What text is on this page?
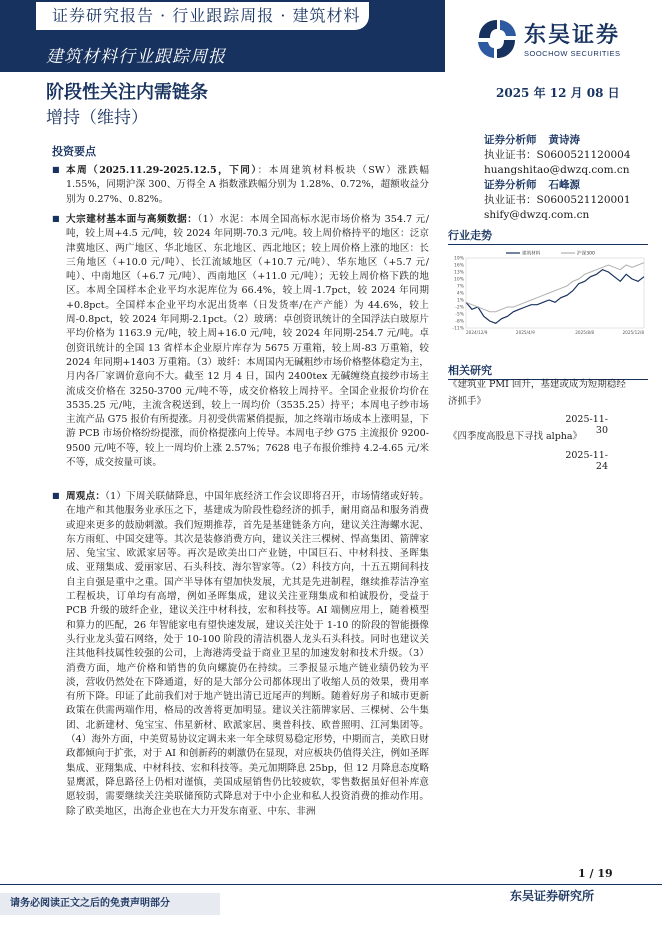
证券研究报告 · 行业跟踪周报 · 建筑材料
建筑材料行业跟踪周报
东吴证券
SOOCHOW SECURITIES
阶段性关注内需链条	2025 年 12 月 08 日
增持（维持）
证券分析师 黄诗涛
执业证书：S0600521120004
huangshitao@dwzq.com.cn
证券分析师 石峰源
执业证书：S0600521120001
shify@dwzq.com.cn
行业走势
19%
16%
13%
10%
7%
4%
1%
-2%
-5%
-8%
-11%
2024/12/9	2025/4/9	2025/8/8	2025/12/8
建筑材料	沪深300
相关研究
《建筑业 PMI 回升，基建或成为短期稳经济抓手》
2025-11-30
《四季度高股息下寻找 alpha》
2025-11-24
投资要点
■ 本周（2025.11.29-2025.12.5，下同）：本周建筑材料板块（SW）涨跌幅 1.55%，同期沪深 300、万得全 A 指数涨跌幅分别为 1.28%、0.72%，超额收益分别为 0.27%、0.82%。
■ 大宗建材基本面与高频数据：（1）水泥：本周全国高标水泥市场价格为 354.7 元/吨，较上周+4.5 元/吨，较 2024 年同期-70.3 元/吨。较上周价格持平的地区：泛京津冀地区、两广地区、华北地区、东北地区、西北地区；较上周价格上涨的地区：长三角地区（+10.0 元/吨）、长江流域地区（+10.7 元/吨）、华东地区（+5.7 元/吨）、中南地区（+6.7 元/吨）、西南地区（+11.0 元/吨）；无较上周价格下跌的地区。本周全国样本企业平均水泥库位为 66.4%，较上周-1.7pct，较 2024 年同期+0.8pct。全国样本企业平均水泥出货率（日发货率/在产产能）为 44.6%，较上周-0.8pct，较 2024 年同期-2.1pct。（2）玻璃：卓创资讯统计的全国浮法白玻原片平均价格为 1163.9 元/吨，较上周+16.0 元/吨，较 2024 年同期-254.7 元/吨。卓创资讯统计的全国 13 省样本企业原片库存为 5675 万重箱，较上周-83 万重箱，较 2024 年同期+1403 万重箱。（3）玻纤：本周国内无碱粗纱市场价格整体稳定为主，月内各厂家调价意向不大。截至 12 月 4 日，国内 2400tex 无碱缠绕直接纱市场主流成交价格在 3250-3700 元/吨不等，成交价格较上周持平。全国企业报价均价在 3535.25 元/吨，主流含税送到，较上一周均价（3535.25）持平；本周电子纱市场主流产品 G75 报价有所提涨。月初受供需紧俏提振，加之终端市场成本上涨明显，下游 PCB 市场价格纷纷提涨，而价格提涨向上传导。本周电子纱 G75 主流报价 9200-9500 元/吨不等，较上一周均价上涨 2.57%；7628 电子布报价维持 4.2-4.65 元/米不等，成交按量可谈。
■ 周观点：（1）下周关联储降息，中国年底经济工作会议即将召开，市场情绪或好转。在地产和其他服务业承压之下，基建成为阶段性稳经济的抓手，耐用商品和服务消费或迎来更多的鼓励刺激。我们短期推荐，首先是基建链条方向，建议关注海螺水泥、东方雨虹、中国交建等。其次是装修消费方向，建议关注三棵树、悍高集团、箭牌家居、兔宝宝、欧派家居等。再次是欧美出口产业链，中国巨石、中材科技、圣晖集成、亚翔集成、爱丽家居、石头科技、海尔智家等。（2）科技方向，十五五期间科技自主自强是重中之重。国产半导体有望加快发展，尤其是先进制程，继续推荐洁净室工程板块，订单均有高增，例如圣晖集成，建议关注亚翔集成和柏诚股份，受益于 PCB 升级的玻纤企业，建议关注中材科技，宏和科技等。AI 端侧应用上，随着模型和算力的匹配，26 年智能家电有望快速发展，建议关注处于 1-10 的阶段的智能摄像头行业龙头萤石网络，处于 10-100 阶段的清洁机器人龙头石头科技。同时也建议关注其他科技属性较强的公司，上海港湾受益于商业卫星的加速发射和技术升级。（3）消费方面，地产价格和销售的负向螺旋仍在持续。三季报显示地产链业绩仍较为平淡，营收仍然处在下降通道，好的是大部分公司都体现出了收缩人员的效果，费用率有所下降。印证了此前我们对于地产链出清已近尾声的判断。随着好房子和城市更新政策在供需两端作用，格局的改善将更加明显。建议关注箭牌家居、三棵树、公牛集团、北新建材、兔宝宝、伟星新材、欧派家居、奥普科技、欧普照明、江河集团等。（4）海外方面，中美贸易协议定调未来一年全球贸易稳定形势，中期而言，美欧日财政都倾向于扩张，对于 AI 和创新药的刺激仍在显现，对应板块仍值得关注，例如圣晖集成、亚翔集成、中材科技、宏和科技等。美元加期降息 25bp，但 12 月降息态度略显鹰派，降息路径上仍相对谨慎，美国成屋销售仍比较疲软，零售数据虽好但补库意愿较弱，需要继续关注美联储预防式降息对于中小企业和私人投资消费的推动作用。除了欧美地区，出海企业也在大力开发东南亚、中东、非洲
1 / 19
请务必阅读正文之后的免责声明部分
东吴证券研究所
